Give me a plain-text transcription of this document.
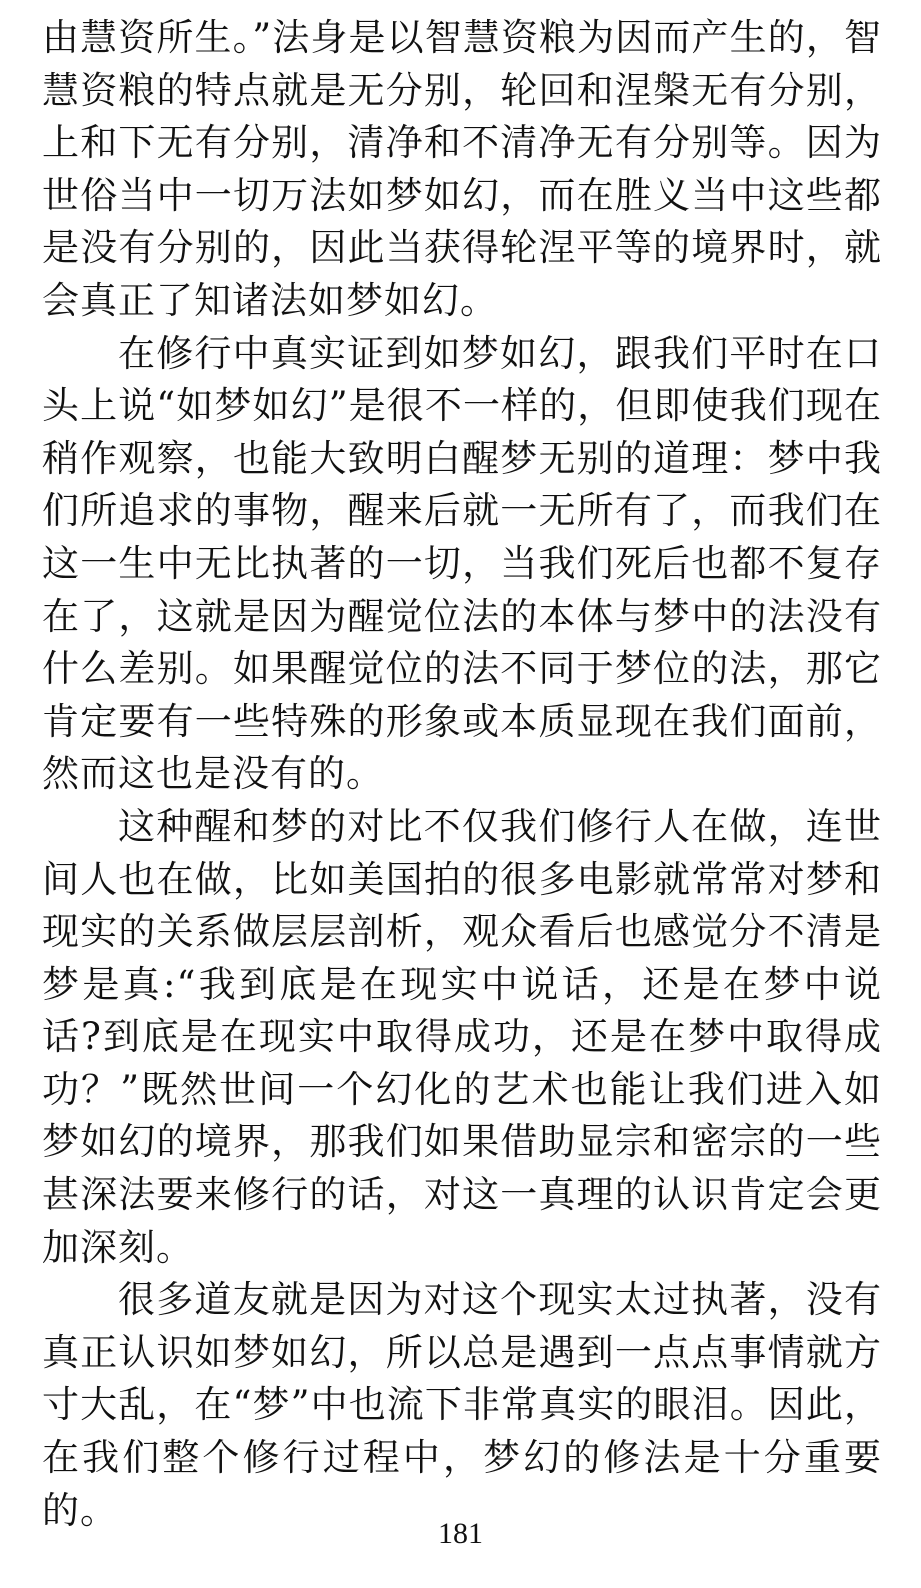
由慧资所生。”法身是以智慧资粮为因而产生的，智慧资粮的特点就是无分别，轮回和涅槃无有分别，上和下无有分别，清净和不清净无有分别等。因为世俗当中一切万法如梦如幻，而在胜义当中这些都是没有分别的，因此当获得轮涅平等的境界时，就会真正了知诸法如梦如幻。

在修行中真实证到如梦如幻，跟我们平时在口头上说“如梦如幻”是很不一样的，但即使我们现在稍作观察，也能大致明白醒梦无别的道理：梦中我们所追求的事物，醒来后就一无所有了，而我们在这一生中无比执著的一切，当我们死后也都不复存在了，这就是因为醒觉位法的本体与梦中的法没有什么差别。如果醒觉位的法不同于梦位的法，那它肯定要有一些特殊的形象或本质显现在我们面前，然而这也是没有的。

这种醒和梦的对比不仅我们修行人在做，连世间人也在做，比如美国拍的很多电影就常常对梦和现实的关系做层层剖析，观众看后也感觉分不清是梦是真:“我到底是在现实中说话，还是在梦中说话?到底是在现实中取得成功，还是在梦中取得成功？”既然世间一个幻化的艺术也能让我们进入如梦如幻的境界，那我们如果借助显宗和密宗的一些甚深法要来修行的话，对这一真理的认识肯定会更加深刻。

很多道友就是因为对这个现实太过执著，没有真正认识如梦如幻，所以总是遇到一点点事情就方寸大乱，在“梦”中也流下非常真实的眼泪。因此，在我们整个修行过程中，梦幻的修法是十分重要的。

181
